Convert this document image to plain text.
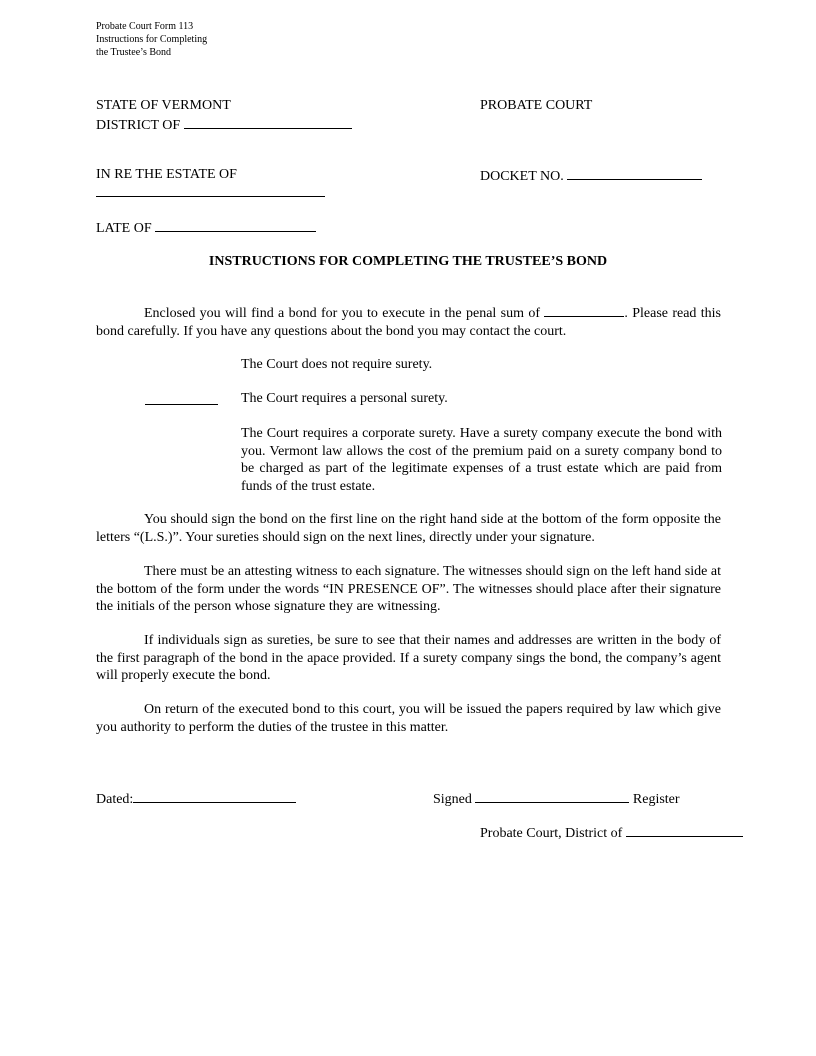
Probate Court Form 113
Instructions for Completing
the Trustee’s Bond
STATE OF VERMONT	PROBATE COURT
DISTRICT OF
IN RE THE ESTATE OF	DOCKET NO.
LATE OF
INSTRUCTIONS FOR COMPLETING THE TRUSTEE’S BOND
Enclosed you will find a bond for you to execute in the penal sum of	. Please read this bond carefully. If you have any questions about the bond you may contact the court.
The Court does not require surety.
The Court requires a personal surety.
The Court requires a corporate surety. Have a surety company execute the bond with you. Vermont law allows the cost of the premium paid on a surety company bond to be charged as part of the legitimate expenses of a trust estate which are paid from funds of the trust estate.
You should sign the bond on the first line on the right hand side at the bottom of the form opposite the letters “(L.S.)”. Your sureties should sign on the next lines, directly under your signature.
There must be an attesting witness to each signature. The witnesses should sign on the left hand side at the bottom of the form under the words “IN PRESENCE OF”. The witnesses should place after their signature the initials of the person whose signature they are witnessing.
If individuals sign as sureties, be sure to see that their names and addresses are written in the body of the first paragraph of the bond in the apace provided. If a surety company sings the bond, the company’s agent will properly execute the bond.
On return of the executed bond to this court, you will be issued the papers required by law which give you authority to perform the duties of the trustee in this matter.
Dated:	Signed	Register
Probate Court, District of
